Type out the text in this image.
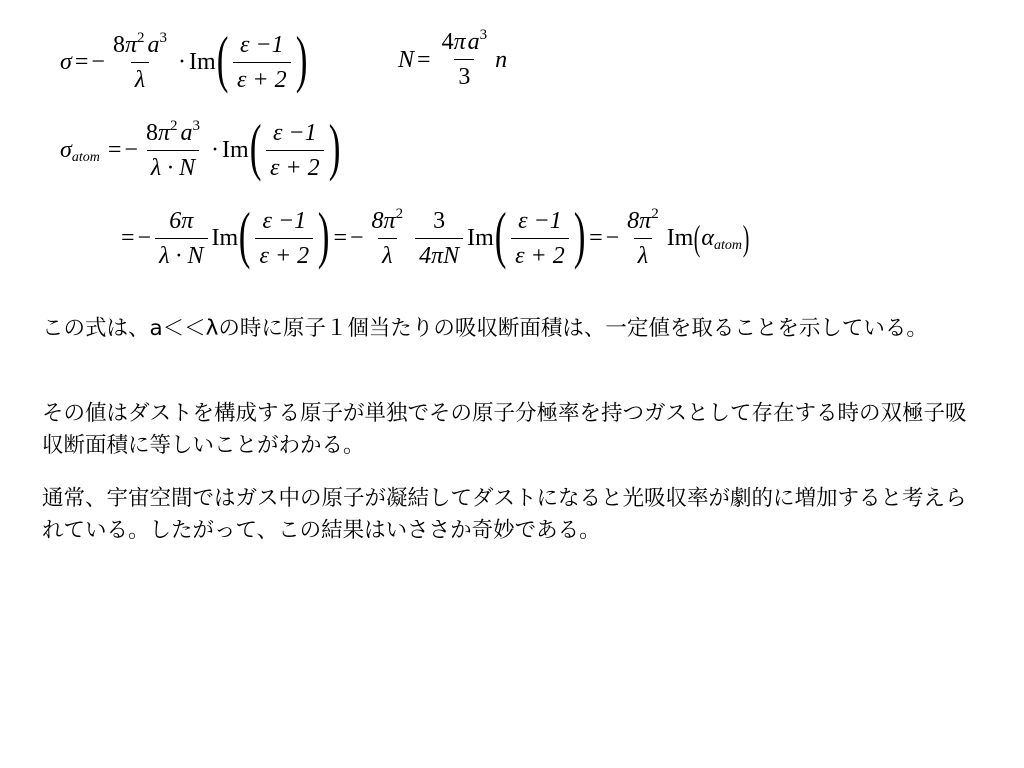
σ = − $\frac{8\pi^2 a^3}{\lambda} \cdot Im$ ( $\frac{\varepsilon -1}{\varepsilon + 2}$ )	$N = \frac{4\pi a^3}{3}$ n
σ atom = − $\frac{8\pi^2 a^3}{\lambda \cdot N} \cdot Im$ ( $\frac{\varepsilon -1}{\varepsilon + 2}$ )
= − $\frac{6\pi}{\lambda \cdot N}$ Im ( $\frac{\varepsilon -1}{\varepsilon + 2}$ ) = − $\frac{8\pi^2}{\lambda} \frac{3}{4\pi N}$ Im ( $\frac{\varepsilon -1}{\varepsilon + 2}$ ) = − $\frac{8\pi^2}{\lambda}$ Im ( α atom )

この式は、a＜＜λの時に原子１個当たりの吸収断面積は、一定値を取ることを示している。

その値はダストを構成する原子が単独でその原子分極率を持つガスとして存在する時の双極子吸収断面積に等しいことがわかる。

通常、宇宙空間ではガス中の原子が凝結してダストになると光吸収率が劇的に増加すると考えられている。したがって、この結果はいささか奇妙である。
